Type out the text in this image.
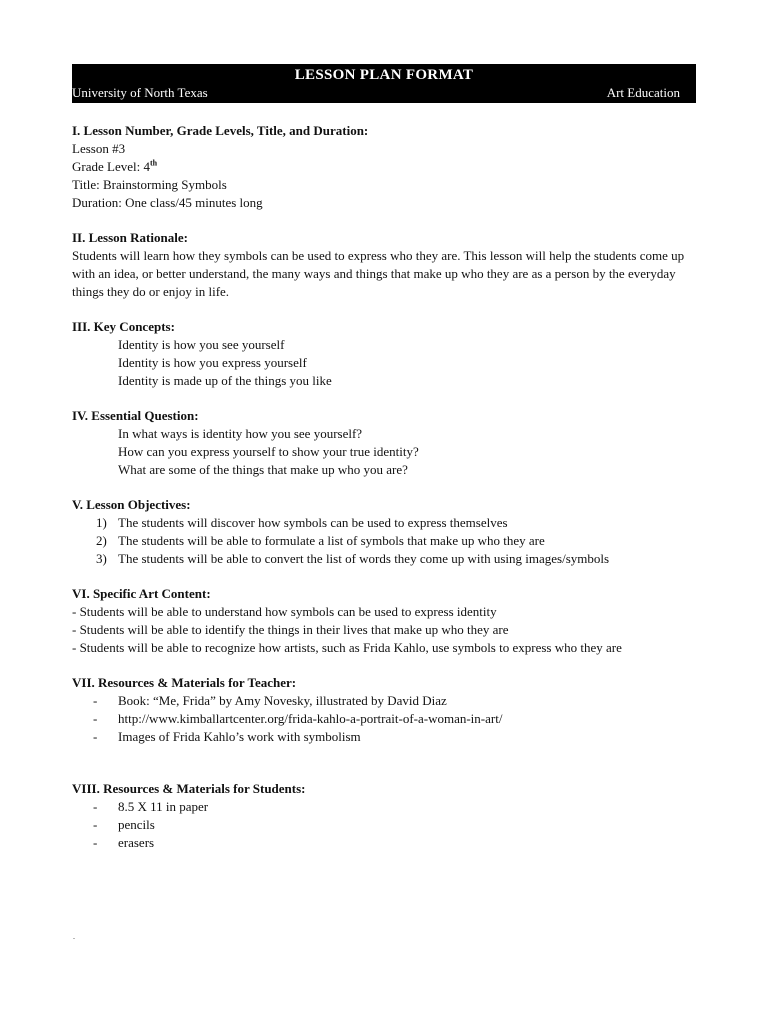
LESSON PLAN FORMAT
University of North Texas	Art Education
I. Lesson Number, Grade Levels, Title, and Duration:
Lesson #3
Grade Level: 4th
Title: Brainstorming Symbols
Duration: One class/45 minutes long
II. Lesson Rationale:
Students will learn how they symbols can be used to express who they are. This lesson will help the students come up with an idea, or better understand, the many ways and things that make up who they are as a person by the everyday things they do or enjoy in life.
III. Key Concepts:
Identity is how you see yourself
Identity is how you express yourself
Identity is made up of the things you like
IV. Essential Question:
In what ways is identity how you see yourself?
How can you express yourself to show your true identity?
What are some of the things that make up who you are?
V. Lesson Objectives:
1) The students will discover how symbols can be used to express themselves
2) The students will be able to formulate a list of symbols that make up who they are
3) The students will be able to convert the list of words they come up with using images/symbols
VI. Specific Art Content:
- Students will be able to understand how symbols can be used to express identity
- Students will be able to identify the things in their lives that make up who they are
- Students will be able to recognize how artists, such as Frida Kahlo, use symbols to express who they are
VII. Resources & Materials for Teacher:
- Book: “Me, Frida” by Amy Novesky, illustrated by David Diaz
- http://www.kimballartcenter.org/frida-kahlo-a-portrait-of-a-woman-in-art/
- Images of Frida Kahlo’s work with symbolism
VIII. Resources & Materials for Students:
- 8.5 X 11 in paper
- pencils
- erasers
.
